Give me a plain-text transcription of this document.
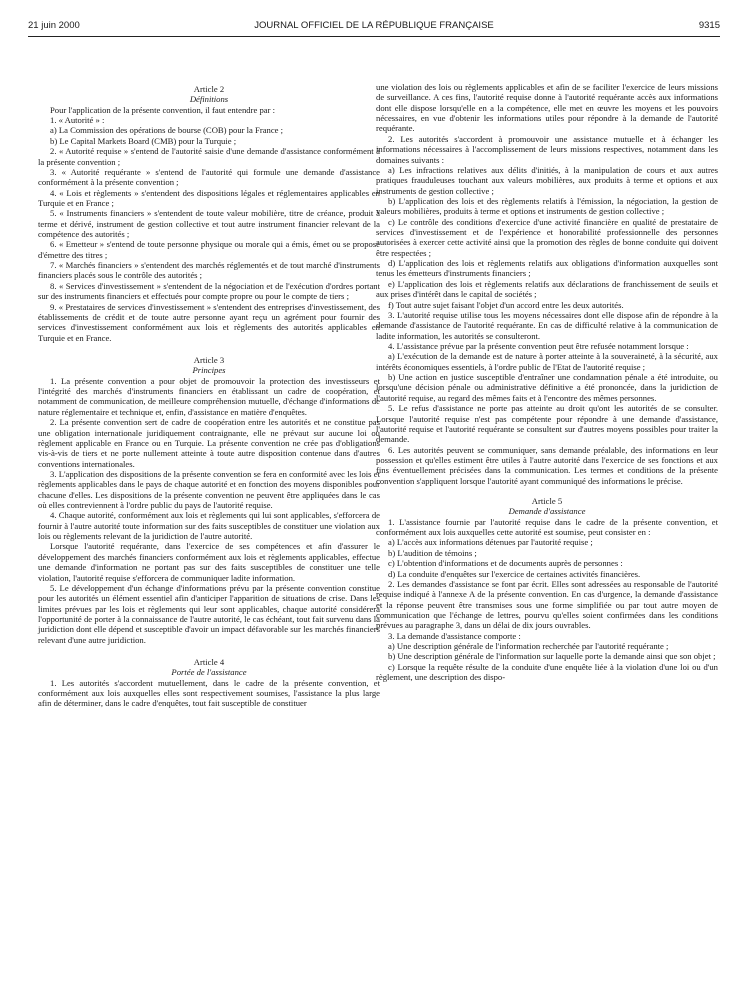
21 juin 2000	JOURNAL OFFICIEL DE LA RÉPUBLIQUE FRANÇAISE	9315

Article 2

Définitions

Pour l'application de la présente convention, il faut entendre par :

1. « Autorité » :

a) La Commission des opérations de bourse (COB) pour la France ;

b) Le Capital Markets Board (CMB) pour la Turquie ;

2. « Autorité requise » s'entend de l'autorité saisie d'une demande d'assistance conformément à la présente convention ;

3. « Autorité requérante » s'entend de l'autorité qui formule une demande d'assistance conformément à la présente convention ;

4. « Lois et règlements » s'entendent des dispositions légales et réglementaires applicables en Turquie et en France ;

5. « Instruments financiers » s'entendent de toute valeur mobilière, titre de créance, produit à terme et dérivé, instrument de gestion collective et tout autre instrument financier relevant de la compétence des autorités ;

6. « Emetteur » s'entend de toute personne physique ou morale qui a émis, émet ou se propose d'émettre des titres ;

7. « Marchés financiers » s'entendent des marchés réglementés et de tout marché d'instruments financiers placés sous le contrôle des autorités ;

8. « Services d'investissement » s'entendent de la négociation et de l'exécution d'ordres portant sur des instruments financiers et effectués pour compte propre ou pour le compte de tiers ;

9. « Prestataires de services d'investissement » s'entendent des entreprises d'investissement, des établissements de crédit et de toute autre personne ayant reçu un agrément pour fournir des services d'investissement conformément aux lois et règlements des autorités applicables en Turquie et en France.

Article 3

Principes

1. La présente convention a pour objet de promouvoir la protection des investisseurs et l'intégrité des marchés d'instruments financiers en établissant un cadre de coopération, et notamment de communication, de meilleure compréhension mutuelle, d'échange d'informations de nature réglementaire et technique et, enfin, d'assistance en matière d'enquêtes.

2. La présente convention sert de cadre de coopération entre les autorités et ne constitue pas une obligation internationale juridiquement contraignante, elle ne prévaut sur aucune loi ou règlement applicable en France ou en Turquie. La présente convention ne crée pas d'obligations vis-à-vis de tiers et ne porte nullement atteinte à toute autre disposition contenue dans d'autres conventions internationales.

3. L'application des dispositions de la présente convention se fera en conformité avec les lois et règlements applicables dans le pays de chaque autorité et en fonction des moyens disponibles pour chacune d'elles. Les dispositions de la présente convention ne peuvent être appliquées dans le cas où elles contreviennent à l'ordre public du pays de l'autorité requise.

4. Chaque autorité, conformément aux lois et règlements qui lui sont applicables, s'efforcera de fournir à l'autre autorité toute information sur des faits susceptibles de constituer une violation aux lois ou règlements relevant de la juridiction de l'autre autorité.

Lorsque l'autorité requérante, dans l'exercice de ses compétences et afin d'assurer le développement des marchés financiers conformément aux lois et règlements applicables, effectue une demande d'information ne portant pas sur des faits susceptibles de constituer une telle violation, l'autorité requise s'efforcera de communiquer ladite information.

5. Le développement d'un échange d'informations prévu par la présente convention constitue pour les autorités un élément essentiel afin d'anticiper l'apparition de situations de crise. Dans les limites prévues par les lois et règlements qui leur sont applicables, chaque autorité considérera l'opportunité de porter à la connaissance de l'autre autorité, le cas échéant, tout fait survenu dans la juridiction dont elle dépend et susceptible d'avoir un impact défavorable sur les marchés financiers relevant d'une autre juridiction.

Article 4

Portée de l'assistance

1. Les autorités s'accordent mutuellement, dans le cadre de la présente convention, et conformément aux lois auxquelles elles sont respectivement soumises, l'assistance la plus large afin de déterminer, dans le cadre d'enquêtes, tout fait susceptible de constituer

une violation des lois ou règlements applicables et afin de se faciliter l'exercice de leurs missions de surveillance. A ces fins, l'autorité requise donne à l'autorité requérante accès aux informations dont elle dispose lorsqu'elle en a la compétence, elle met en œuvre les moyens et les pouvoirs nécessaires, en vue d'obtenir les informations utiles pour répondre à la demande de l'autorité requérante.

2. Les autorités s'accordent à promouvoir une assistance mutuelle et à échanger les informations nécessaires à l'accomplissement de leurs missions respectives, notamment dans les domaines suivants :

a) Les infractions relatives aux délits d'initiés, à la manipulation de cours et aux autres pratiques frauduleuses touchant aux valeurs mobilières, aux produits à terme et options et aux instruments de gestion collective ;

b) L'application des lois et des règlements relatifs à l'émission, la négociation, la gestion de valeurs mobilières, produits à terme et options et instruments de gestion collective ;

c) Le contrôle des conditions d'exercice d'une activité financière en qualité de prestataire de services d'investissement et de l'expérience et honorabilité professionnelle des personnes autorisées à exercer cette activité ainsi que la promotion des règles de bonne conduite qui doivent être respectées ;

d) L'application des lois et règlements relatifs aux obligations d'information auxquelles sont tenus les émetteurs d'instruments financiers ;

e) L'application des lois et règlements relatifs aux déclarations de franchissement de seuils et aux prises d'intérêt dans le capital de sociétés ;

f) Tout autre sujet faisant l'objet d'un accord entre les deux autorités.

3. L'autorité requise utilise tous les moyens nécessaires dont elle dispose afin de répondre à la demande d'assistance de l'autorité requérante. En cas de difficulté relative à la communication de ladite information, les autorités se consulteront.

4. L'assistance prévue par la présente convention peut être refusée notamment lorsque :

a) L'exécution de la demande est de nature à porter atteinte à la souveraineté, à la sécurité, aux intérêts économiques essentiels, à l'ordre public de l'Etat de l'autorité requise ;

b) Une action en justice susceptible d'entraîner une condamnation pénale a été introduite, ou lorsqu'une décision pénale ou administrative définitive a été prononcée, dans la juridiction de l'autorité requise, au regard des mêmes faits et à l'encontre des mêmes personnes.

5. Le refus d'assistance ne porte pas atteinte au droit qu'ont les autorités de se consulter. Lorsque l'autorité requise n'est pas compétente pour répondre à une demande d'assistance, l'autorité requise et l'autorité requérante se consultent sur d'autres moyens possibles pour traiter la demande.

6. Les autorités peuvent se communiquer, sans demande préalable, des informations en leur possession et qu'elles estiment être utiles à l'autre autorité dans l'exercice de ses fonctions et aux fins éventuellement précisées dans la communication. Les termes et conditions de la présente convention s'appliquent lorsque l'autorité ayant communiqué des informations le précise.

Article 5

Demande d'assistance

1. L'assistance fournie par l'autorité requise dans le cadre de la présente convention, et conformément aux lois auxquelles cette autorité est soumise, peut consister en :

a) L'accès aux informations détenues par l'autorité requise ;

b) L'audition de témoins ;

c) L'obtention d'informations et de documents auprès de personnes :

d) La conduite d'enquêtes sur l'exercice de certaines activités financières.

2. Les demandes d'assistance se font par écrit. Elles sont adressées au responsable de l'autorité requise indiqué à l'annexe A de la présente convention. En cas d'urgence, la demande d'assistance et la réponse peuvent être transmises sous une forme simplifiée ou par tout autre moyen de communication que l'échange de lettres, pourvu qu'elles soient confirmées dans les conditions prévues au paragraphe 3, dans un délai de dix jours ouvrables.

3. La demande d'assistance comporte :

a) Une description générale de l'information recherchée par l'autorité requérante ;

b) Une description générale de l'information sur laquelle porte la demande ainsi que son objet ;

c) Lorsque la requête résulte de la conduite d'une enquête liée à la violation d'une loi ou d'un règlement, une description des dispo-
